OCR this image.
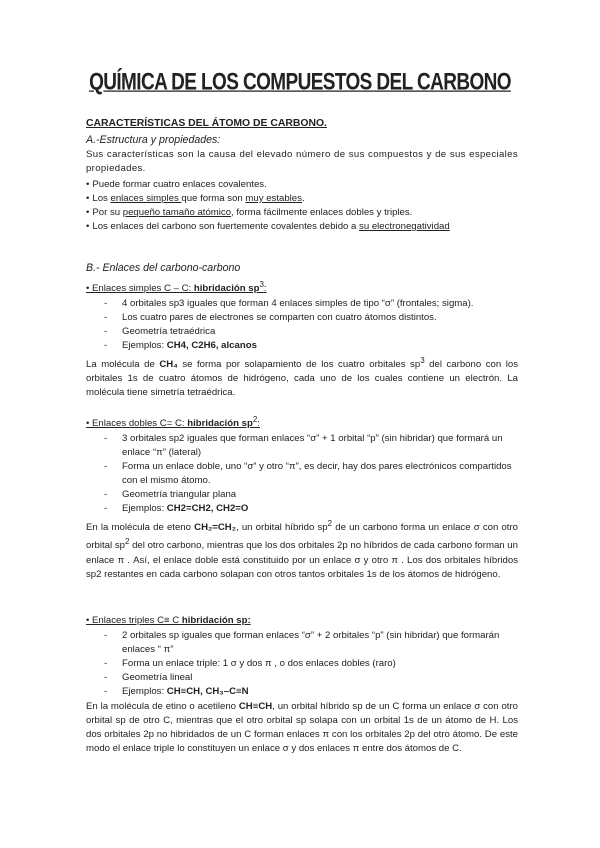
QUÍMICA DE LOS COMPUESTOS DEL CARBONO
CARACTERÍSTICAS DEL ÁTOMO DE CARBONO.
A.-Estructura y propiedades:
Sus características son la causa del elevado número de sus compuestos y de sus especiales propiedades.
• Puede formar cuatro enlaces covalentes.
• Los enlaces simples que forma son muy estables.
• Por su pequeño tamaño atómico, forma fácilmente enlaces dobles y triples.
• Los enlaces del carbono son fuertemente covalentes debido a su electronegatividad
B.- Enlaces del carbono-carbono
• Enlaces simples C – C: hibridación $sp^3$:
- 4 orbitales sp3 iguales que forman 4 enlaces simples de tipo “σ” (frontales; sigma).
- Los cuatro pares de electrones se comparten con cuatro átomos distintos.
- Geometría tetraédrica
- Ejemplos: CH4, C2H6, alcanos
La molécula de CH₄ se forma por solapamiento de los cuatro orbitales $sp^3$ del carbono con los orbitales 1s de cuatro átomos de hidrógeno, cada uno de los cuales contiene un electrón. La molécula tiene simetría tetraédrica.
• Enlaces dobles C= C: hibridación $sp^2$:
- 3 orbitales sp2 iguales que forman enlaces “σ” + 1 orbital “p” (sin hibridar) que formará un enlace “π” (lateral)
- Forma un enlace doble, uno “σ” y otro “π”, es decir, hay dos pares electrónicos compartidos con el mismo átomo.
- Geometría triangular plana
- Ejemplos: CH2=CH2, CH2=O
En la molécula de eteno CH₂=CH₂, un orbital híbrido $sp^2$ de un carbono forma un enlace σ con otro orbital $sp^2$ del otro carbono, mientras que los dos orbitales 2p no híbridos de cada carbono forman un enlace π . Así, el enlace doble está constituido por un enlace σ y otro π . Los dos orbitales híbridos sp2 restantes en cada carbono solapan con otros tantos orbitales 1s de los átomos de hidrógeno.
• Enlaces triples C≡ C hibridación sp:
- 2 orbitales sp iguales que forman enlaces “σ” + 2 orbitales “p” (sin hibridar) que formarán enlaces “ π”
- Forma un enlace triple: 1 σ y dos π , o dos enlaces dobles (raro)
- Geometría lineal
- Ejemplos: CH≡CH, CH₃–C≡N
En la molécula de etino o acetileno CH≡CH, un orbital híbrido sp de un C forma un enlace σ con otro orbital sp de otro C, mientras que el otro orbital sp solapa con un orbital 1s de un átomo de H. Los dos orbitales 2p no hibridados de un C forman enlaces π con los orbitales 2p del otro átomo. De este modo el enlace triple lo constituyen un enlace σ y dos enlaces π entre dos átomos de C.
